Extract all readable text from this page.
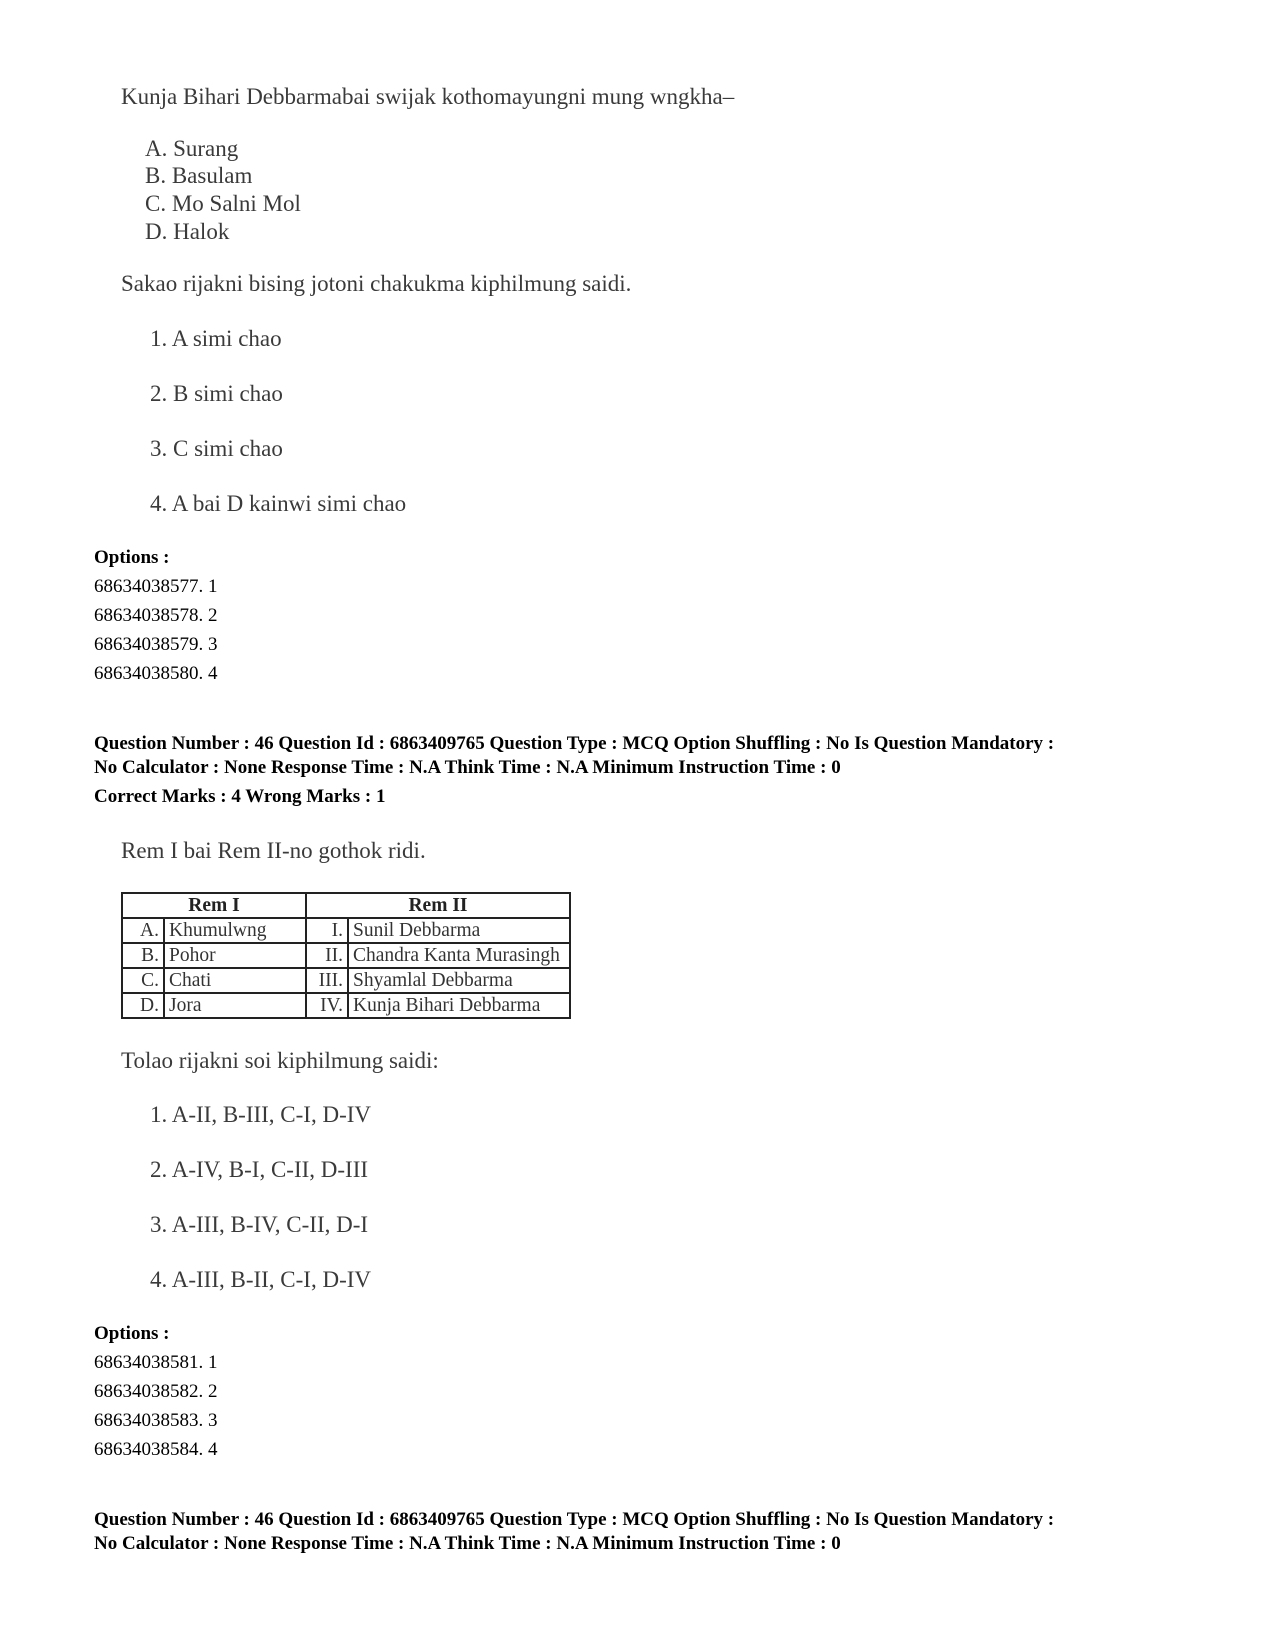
Kunja Bihari Debbarmabai swijak kothomayungni mung wngkha–
A. Surang
B. Basulam
C. Mo Salni Mol
D. Halok
Sakao rijakni bising jotoni chakukma kiphilmung saidi.
1. A simi chao
2. B simi chao
3. C simi chao
4. A bai D kainwi simi chao
Options :
68634038577. 1
68634038578. 2
68634038579. 3
68634038580. 4
Question Number : 46 Question Id : 6863409765 Question Type : MCQ Option Shuffling : No Is Question Mandatory :
No Calculator : None Response Time : N.A Think Time : N.A Minimum Instruction Time : 0
Correct Marks : 4 Wrong Marks : 1
Rem I bai Rem II-no gothok ridi.
Rem I		Rem II	
A.	Khumulwng	I.	Sunil Debbarma
B.	Pohor	II.	Chandra Kanta Murasingh
C.	Chati	III.	Shyamlal Debbarma
D.	Jora	IV.	Kunja Bihari Debbarma
Tolao rijakni soi kiphilmung saidi:
1. A-II, B-III, C-I, D-IV
2. A-IV, B-I, C-II, D-III
3. A-III, B-IV, C-II, D-I
4. A-III, B-II, C-I, D-IV
Options :
68634038581. 1
68634038582. 2
68634038583. 3
68634038584. 4
Question Number : 46 Question Id : 6863409765 Question Type : MCQ Option Shuffling : No Is Question Mandatory :
No Calculator : None Response Time : N.A Think Time : N.A Minimum Instruction Time : 0
